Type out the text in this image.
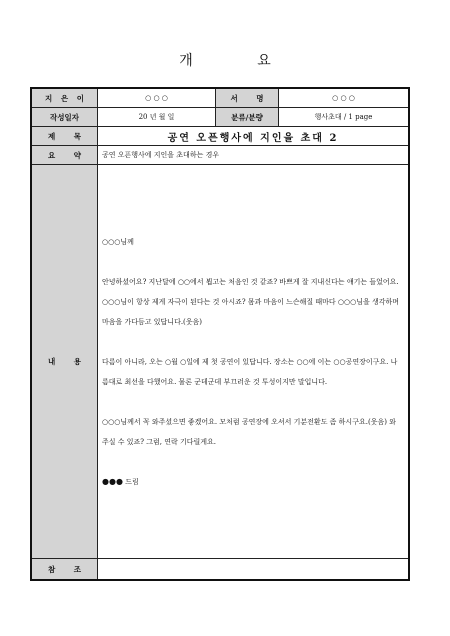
개 요
지 은 이	○ ○ ○	서 명	○ ○ ○
작성일자	20 년 월 일	분류/분량	행사초대 / 1 page
제 목	공연 오픈행사에 지인을 초대 2		
요 약	공연 오픈행사에 지인을 초대하는 경우		
내 용	○○○님께

안녕하셨어요? 지난달에 ○○에서 뵙고는 처음인 것 같죠? 바쁘게 잘 지내신다는 얘기는 들었어요. ○○○님이 항상 제게 자극이 된다는 것 아시죠? 몸과 마음이 느슨해질 때마다 ○○○님을 생각하며 마음을 가다듬고 있답니다.(웃음)

다름이 아니라, 오는 ○월 ○일에 제 첫 공연이 있답니다. 장소는 ○○에 이는 ○○공연장이구요. 나름대로 최선을 다했어요. 물론 군데군데 부끄러운 것 투성이지만 말입니다.

○○○님께서 꼭 와주셨으면 좋겠어요. 모처럼 공연장에 오셔서 기분전환도 좀 하시구요.(웃음) 와 주실 수 있죠? 그럼, 연락 기다릴게요.

●●● 드림		

참 조			
